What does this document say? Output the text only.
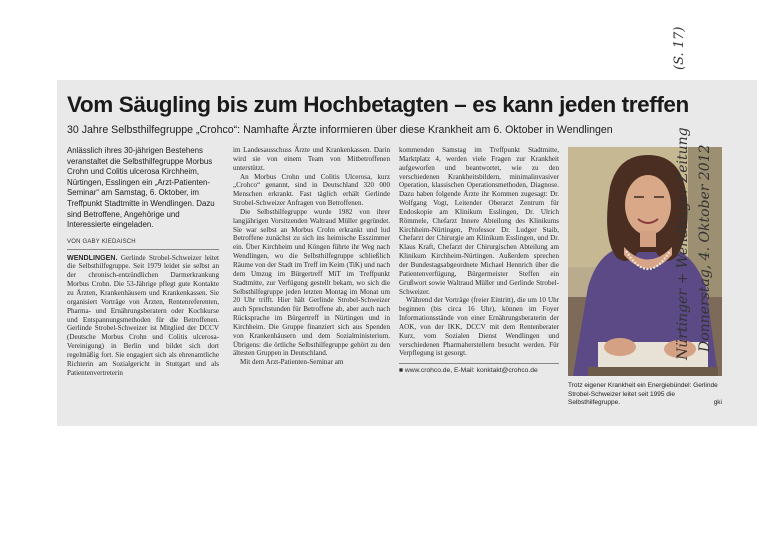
Vom Säugling bis zum Hochbetagten – es kann jeden treffen
30 Jahre Selbsthilfegruppe „Crohco“: Namhafte Ärzte informieren über diese Krankheit am 6. Oktober in Wendlingen
Anlässlich ihres 30-jährigen Bestehens veranstaltet die Selbsthilfegruppe Morbus Crohn und Colitis ulcerosa Kirchheim, Nürtingen, Esslingen ein „Arzt-Patienten-Seminar“ am Samstag, 6. Oktober, im Treffpunkt Stadtmitte in Wendlingen. Dazu sind Betroffene, Angehörige und Interessierte eingeladen.
VON GABY KIEDAISCH

WENDLINGEN. Gerlinde Strobel-Schweizer leitet die Selbsthilfegruppe. Seit 1979 leidet sie selbst an der chronisch-entzündlichen Darmerkrankung Morbus Crohn. Die 53-Jährige pflegt gute Kontakte zu Ärzten, Krankenhäusern und Krankenkassen. Sie organisiert Vorträge von Ärzten, Rentenreferenten, Pharma- und Ernährungsberatern oder Kochkurse und Entspannungsmethoden für die Betroffenen. Gerlinde Strobel-Schweizer ist Mitglied der DCCV (Deutsche Morbus Crohn und Colitis ulcerosa-Vereinigung) in Berlin und bildet sich dort regelmäßig fort. Sie engagiert sich als ehrenamtliche Richterin am Sozialgericht in Stuttgart und als Patientenvertreterin

im Landesausschuss Ärzte und Krankenkassen. Darin wird sie von einem Team von Mitbetroffenen unterstützt.

An Morbus Crohn und Colitis Ulcerosa, kurz „Crohco“ genannt, sind in Deutschland 320 000 Menschen erkrankt. Fast täglich erhält Gerlinde Strobel-Schweizer Anfragen von Betroffenen.

Die Selbsthilfegruppe wurde 1982 von ihrer langjährigen Vorsitzenden Waltraud Müller gegründet. Sie war selbst an Morbus Crohn erkrankt und lud Betroffene zunächst zu sich ins heimische Esszimmer ein. Über Kirchheim und Köngen führte ihr Weg nach Wendlingen, wo die Selbsthilfegruppe schließlich Räume von der Stadt im Treff im Keim (TiK) und nach dem Umzug im Bürgertreff MiT im Treffpunkt Stadtmitte, zur Verfügung gestellt bekam, wo sich die Selbsthilfegruppe jeden letzten Montag im Monat um 20 Uhr trifft. Hier hält Gerlinde Strobel-Schweizer auch Sprechstunden für Betroffene ab, aber auch nach Rücksprache im Bürgertreff in Nürtingen und in Kirchheim. Die Gruppe finanziert sich aus Spenden von Krankenhäusern und dem Sozialministerium. Übrigens: die örtliche Selbsthilfegruppe gehört zu den ältesten Gruppen in Deutschland.

Mit dem Arzt-Patienten-Seminar am

kommenden Samstag im Treffpunkt Stadtmitte, Marktplatz 4, werden viele Fragen zur Krankheit aufgeworfen und beantwortet, wie zu den verschiedenen Krankheitsbildern, minimalinvasiver Operation, klassischen Operationsmethoden, Diagnose. Dazu haben folgende Ärzte ihr Kommen zugesagt: Dr. Wolfgang Vogt, Leitender Oberarzt Zentrum für Endoskopie am Klinikum Esslingen, Dr. Ulrich Römmele, Chefarzt Innere Abteilung des Klinikums Kirchheim-Nürtingen, Professor Dr. Ludger Staib, Chefarzt der Chirurgie am Klinikum Esslingen, und Dr. Klaus Kraft, Chefarzt der Chirurgischen Abteilung am Klinikum Kirchheim-Nürtingen. Außerdem sprechen der Bundestagsabgeordnete Michael Hennrich über die Patientenverfügung, Bürgermeister Steffen ein Grußwort sowie Waltraud Müller und Gerlinde Strobel-Schweizer.

Während der Vorträge (freier Eintritt), die um 10 Uhr beginnen (bis circa 16 Uhr), können im Foyer Informationsstände von einer Ernährungsberaterin der AOK, von der IKK, DCCV mit dem Rentenberater Kurz, vom Sozialen Dienst Wendlingen und verschiedenen Pharmaherstellern besucht werden. Für Verpflegung ist gesorgt.

■ www.crohco.de, E-Mail: konktakt@crohco.de
Trotz eigener Krankheit ein Energiebündel: Gerlinde Strobel-Schweizer leitet seit 1995 die Selbsthilfegruppe.	gki
Nürtinger + Wendlinger Zeitung Donnerstag, 4. Oktober 2012
(S. 17)
